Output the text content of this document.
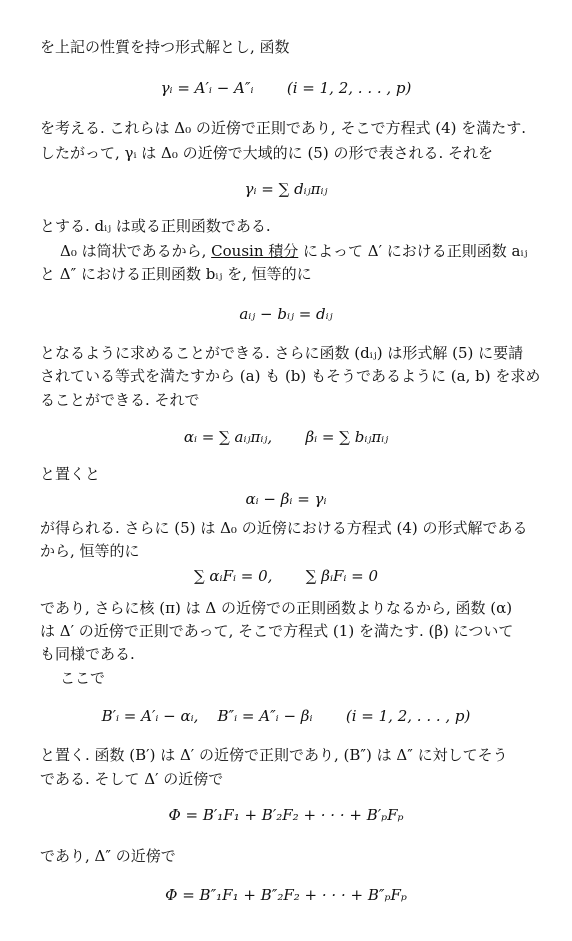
を上記の性質を持つ形式解とし, 函数
γᵢ = A′ᵢ − A″ᵢ       (i = 1, 2, . . . , p)
を考える. これらは Δ₀ の近傍で正則であり, そこで方程式 (4) を満たす.
したがって, γᵢ は Δ₀ の近傍で大域的に (5) の形で表される. それを
γᵢ = ∑ dᵢⱼπᵢⱼ
とする. dᵢⱼ は或る正則函数である.
Δ₀ は筒状であるから, Cousin 積分 によって Δ′ における正則函数 aᵢⱼ
と Δ″ における正則函数 bᵢⱼ を, 恒等的に
aᵢⱼ − bᵢⱼ = dᵢⱼ
となるように求めることができる. さらに函数 (dᵢⱼ) は形式解 (5) に要請
されている等式を満たすから (a) も (b) もそうであるように (a, b) を求め
ることができる. それで
αᵢ = ∑ aᵢⱼπᵢⱼ,       βᵢ = ∑ bᵢⱼπᵢⱼ
と置くと
αᵢ − βᵢ = γᵢ
が得られる. さらに (5) は Δ₀ の近傍における方程式 (4) の形式解である
から, 恒等的に
∑ αᵢFᵢ = 0,       ∑ βᵢFᵢ = 0
であり, さらに核 (π) は Δ の近傍での正則函数よりなるから, 函数 (α)
は Δ′ の近傍で正則であって, そこで方程式 (1) を満たす. (β) について
も同様である.
ここで
B′ᵢ = A′ᵢ − αᵢ,    B″ᵢ = A″ᵢ − βᵢ       (i = 1, 2, . . . , p)
と置く. 函数 (B′) は Δ′ の近傍で正則であり, (B″) は Δ″ に対してそう
である. そして Δ′ の近傍で
Φ = B′₁F₁ + B′₂F₂ + · · · + B′ₚFₚ
であり, Δ″ の近傍で
Φ = B″₁F₁ + B″₂F₂ + · · · + B″ₚFₚ
